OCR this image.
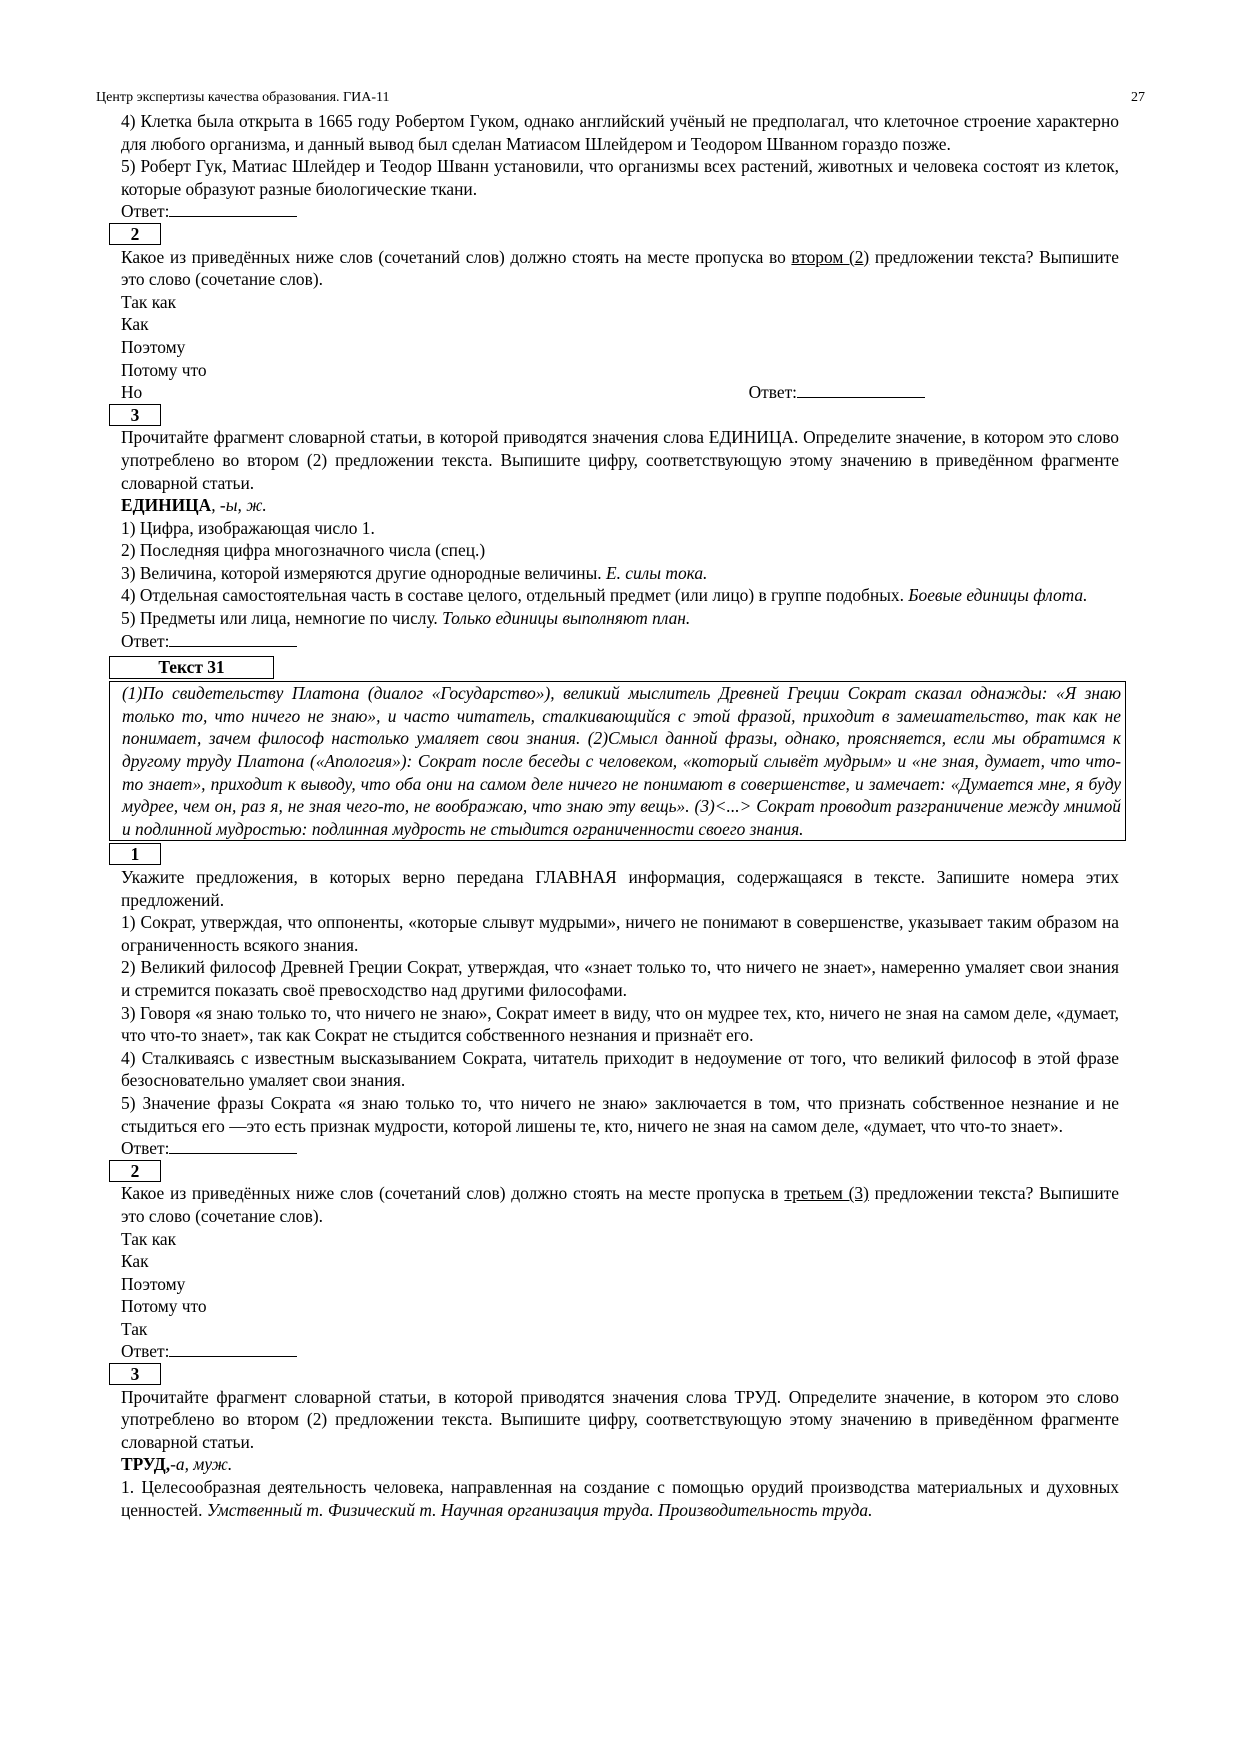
Центр экспертизы качества образования. ГИА-11	27

4) Клетка была открыта в 1665 году Робертом Гуком, однако английский учёный не предполагал, что клеточное строение характерно для любого организма, и данный вывод был сделан Матиасом Шлейдером и Теодором Шванном гораздо позже.

5) Роберт Гук, Матиас Шлейдер и Теодор Шванн установили, что организмы всех растений, животных и человека состоят из клеток, которые образуют разные биологические ткани.

Ответ:
2

Какое из приведённых ниже слов (сочетаний слов) должно стоять на месте пропуска во втором (2) предложении текста? Выпишите это слово (сочетание слов).

Так как
Как
Поэтому
Потому что
Но	Ответ:
3

Прочитайте фрагмент словарной статьи, в которой приводятся значения слова ЕДИНИЦА. Определите значение, в котором это слово употреблено во втором (2) предложении текста. Выпишите цифру, соответствующую этому значению в приведённом фрагменте словарной статьи.

ЕДИНИЦА, -ы, ж.
1) Цифра, изображающая число 1.
2) Последняя цифра многозначного числа (спец.)
3) Величина, которой измеряются другие однородные величины. Е. силы тока.

4) Отдельная самостоятельная часть в составе целого, отдельный предмет (или лицо) в группе подобных. Боевые единицы флота.

5) Предметы или лица, немногие по числу. Только единицы выполняют план.
Ответ:
Текст 31

(1)По свидетельству Платона (диалог «Государство»), великий мыслитель Древней Греции Сократ сказал однажды: «Я знаю только то, что ничего не знаю», и часто читатель, сталкивающийся с этой фразой, приходит в замешательство, так как не понимает, зачем философ настолько умаляет свои знания. (2)Смысл данной фразы, однако, проясняется, если мы обратимся к другому труду Платона («Апология»): Сократ после беседы с человеком, «который слывёт мудрым» и «не зная, думает, что что-то знает», приходит к выводу, что оба они на самом деле ничего не понимают в совершенстве, и замечает: «Думается мне, я буду мудрее, чем он, раз я, не зная чего-то, не воображаю, что знаю эту вещь». (3)<...> Сократ проводит разграничение между мнимой и подлинной мудростью: подлинная мудрость не стыдится ограниченности своего знания.

1

Укажите предложения, в которых верно передана ГЛАВНАЯ информация, содержащаяся в тексте. Запишите номера этих предложений.

1) Сократ, утверждая, что оппоненты, «которые слывут мудрыми», ничего не понимают в совершенстве, указывает таким образом на ограниченность всякого знания.

2) Великий философ Древней Греции Сократ, утверждая, что «знает только то, что ничего не знает», намеренно умаляет свои знания и стремится показать своё превосходство над другими философами.

3) Говоря «я знаю только то, что ничего не знаю», Сократ имеет в виду, что он мудрее тех, кто, ничего не зная на самом деле, «думает, что что-то знает», так как Сократ не стыдится собственного незнания и признаёт его.

4) Сталкиваясь с известным высказыванием Сократа, читатель приходит в недоумение от того, что великий философ в этой фразе безосновательно умаляет свои знания.

5) Значение фразы Сократа «я знаю только то, что ничего не знаю» заключается в том, что признать собственное незнание и не стыдиться его —это есть признак мудрости, которой лишены те, кто, ничего не зная на самом деле, «думает, что что-то знает».

Ответ:
2

Какое из приведённых ниже слов (сочетаний слов) должно стоять на месте пропуска в третьем (3) предложении текста? Выпишите это слово (сочетание слов).

Так как
Как
Поэтому
Потому что
Так
Ответ:
3

Прочитайте фрагмент словарной статьи, в которой приводятся значения слова ТРУД. Определите значение, в котором это слово употреблено во втором (2) предложении текста. Выпишите цифру, соответствующую этому значению в приведённом фрагменте словарной статьи.

ТРУД,-а, муж.

1. Целесообразная деятельность человека, направленная на создание с помощью орудий производства материальных и духовных ценностей. Умственный т. Физический т. Научная организация труда. Производительность труда.
